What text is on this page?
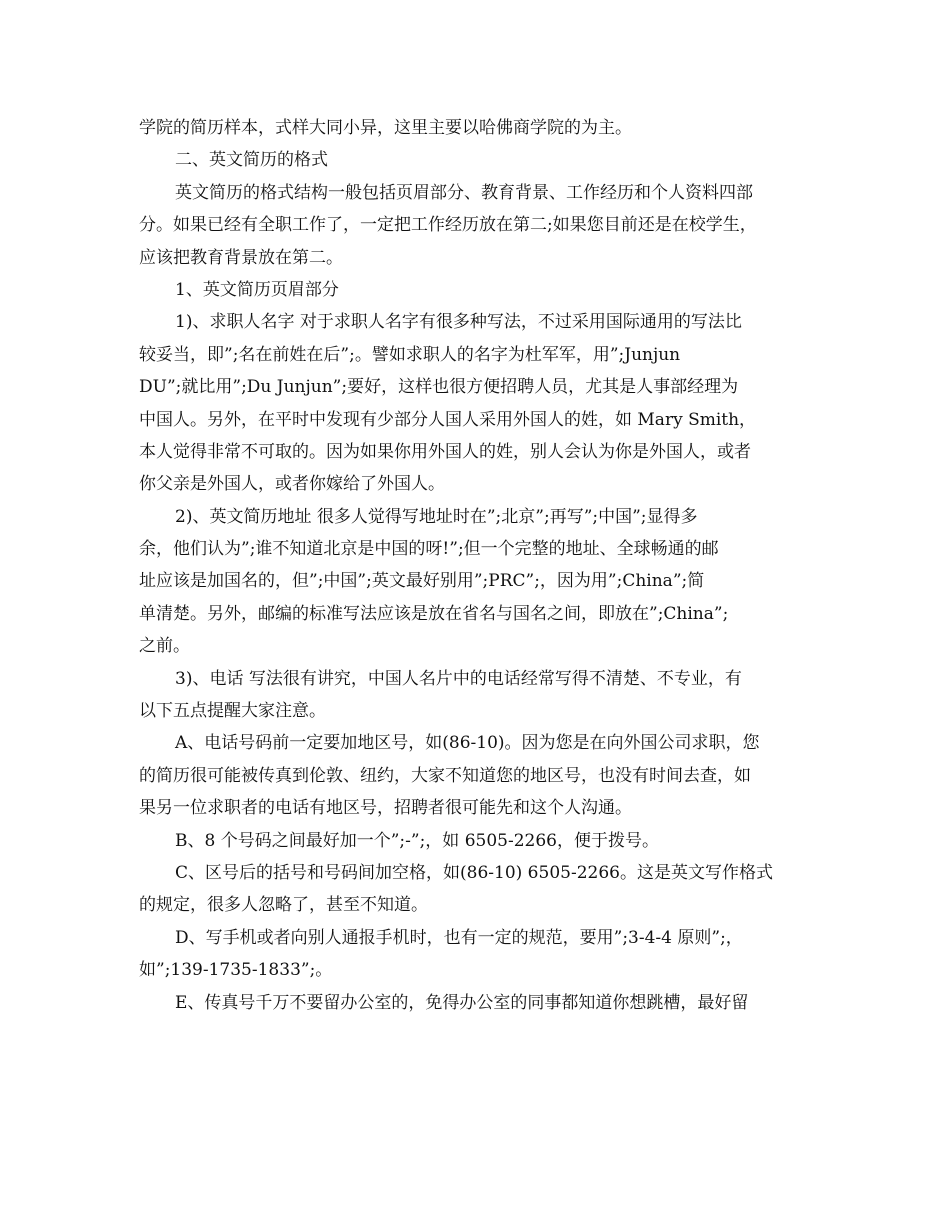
学院的简历样本，式样大同小异，这里主要以哈佛商学院的为主。
二、英文简历的格式
英文简历的格式结构一般包括页眉部分、教育背景、工作经历和个人资料四部
分。如果已经有全职工作了，一定把工作经历放在第二;如果您目前还是在校学生，
应该把教育背景放在第二。
1、英文简历页眉部分
1)、求职人名字 对于求职人名字有很多种写法，不过采用国际通用的写法比
较妥当，即”;名在前姓在后”;。譬如求职人的名字为杜军军，用”;Junjun
DU”;就比用”;Du Junjun”;要好，这样也很方便招聘人员，尤其是人事部经理为
中国人。另外，在平时中发现有少部分人国人采用外国人的姓，如 Mary Smith，
本人觉得非常不可取的。因为如果你用外国人的姓，别人会认为你是外国人，或者
你父亲是外国人，或者你嫁给了外国人。
2)、英文简历地址 很多人觉得写地址时在”;北京”;再写”;中国”;显得多
余，他们认为”;谁不知道北京是中国的呀!”;但一个完整的地址、全球畅通的邮
址应该是加国名的，但”;中国”;英文最好别用”;PRC”;，因为用”;China”;简
单清楚。另外，邮编的标准写法应该是放在省名与国名之间，即放在”;China”;
之前。
3)、电话 写法很有讲究，中国人名片中的电话经常写得不清楚、不专业，有
以下五点提醒大家注意。
A、电话号码前一定要加地区号，如(86-10)。因为您是在向外国公司求职，您
的简历很可能被传真到伦敦、纽约，大家不知道您的地区号，也没有时间去查，如
果另一位求职者的电话有地区号，招聘者很可能先和这个人沟通。
B、8 个号码之间最好加一个”;-”;，如 6505-2266，便于拨号。
C、区号后的括号和号码间加空格，如(86-10) 6505-2266。这是英文写作格式
的规定，很多人忽略了，甚至不知道。
D、写手机或者向别人通报手机时，也有一定的规范，要用”;3-4-4 原则”;，
如”;139-1735-1833”;。
E、传真号千万不要留办公室的，免得办公室的同事都知道你想跳槽，最好留
